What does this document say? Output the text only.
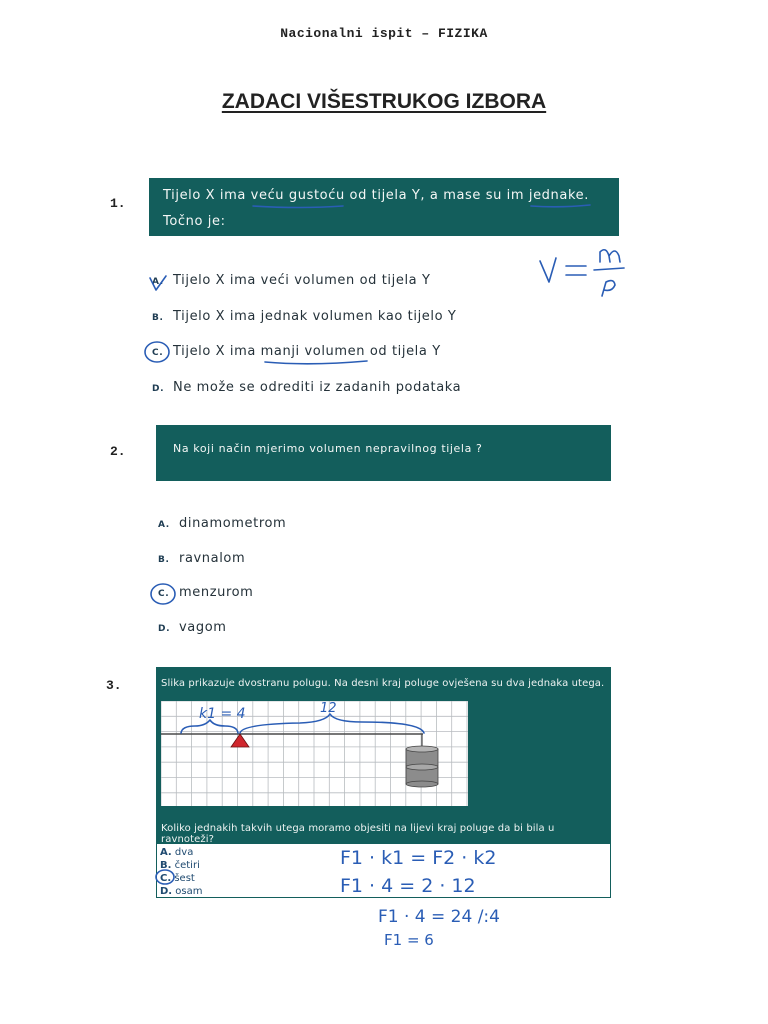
Nacionalni ispit – FIZIKA
ZADACI VIŠESTRUKOG IZBORA
1.
Tijelo X ima veću gustoću od tijela Y, a mase su im jednake.
Točno je:
A. Tijelo X ima veći volumen od tijela Y
B. Tijelo X ima jednak volumen kao tijelo Y
C. Tijelo X ima manji volumen od tijela Y
D. Ne može se odrediti iz zadanih podataka
2.	Na koji način mjerimo volumen nepravilnog tijela ?
A. dinamometrom
B. ravnalom
C. menzurom
D. vagom
3.	Slika prikazuje dvostranu polugu. Na desni kraj poluge ovješena su dva jednaka utega.
Koliko jednakih takvih utega moramo objesiti na lijevi kraj poluge da bi bila u ravnoteži?
A. dva
B. četiri
C. šest
D. osam
k1 = 4	12
F1 · k1 = F2 · k2
F1 · 4 = 2 · 12
F1 · 4 = 24 /:4
F1 = 6
